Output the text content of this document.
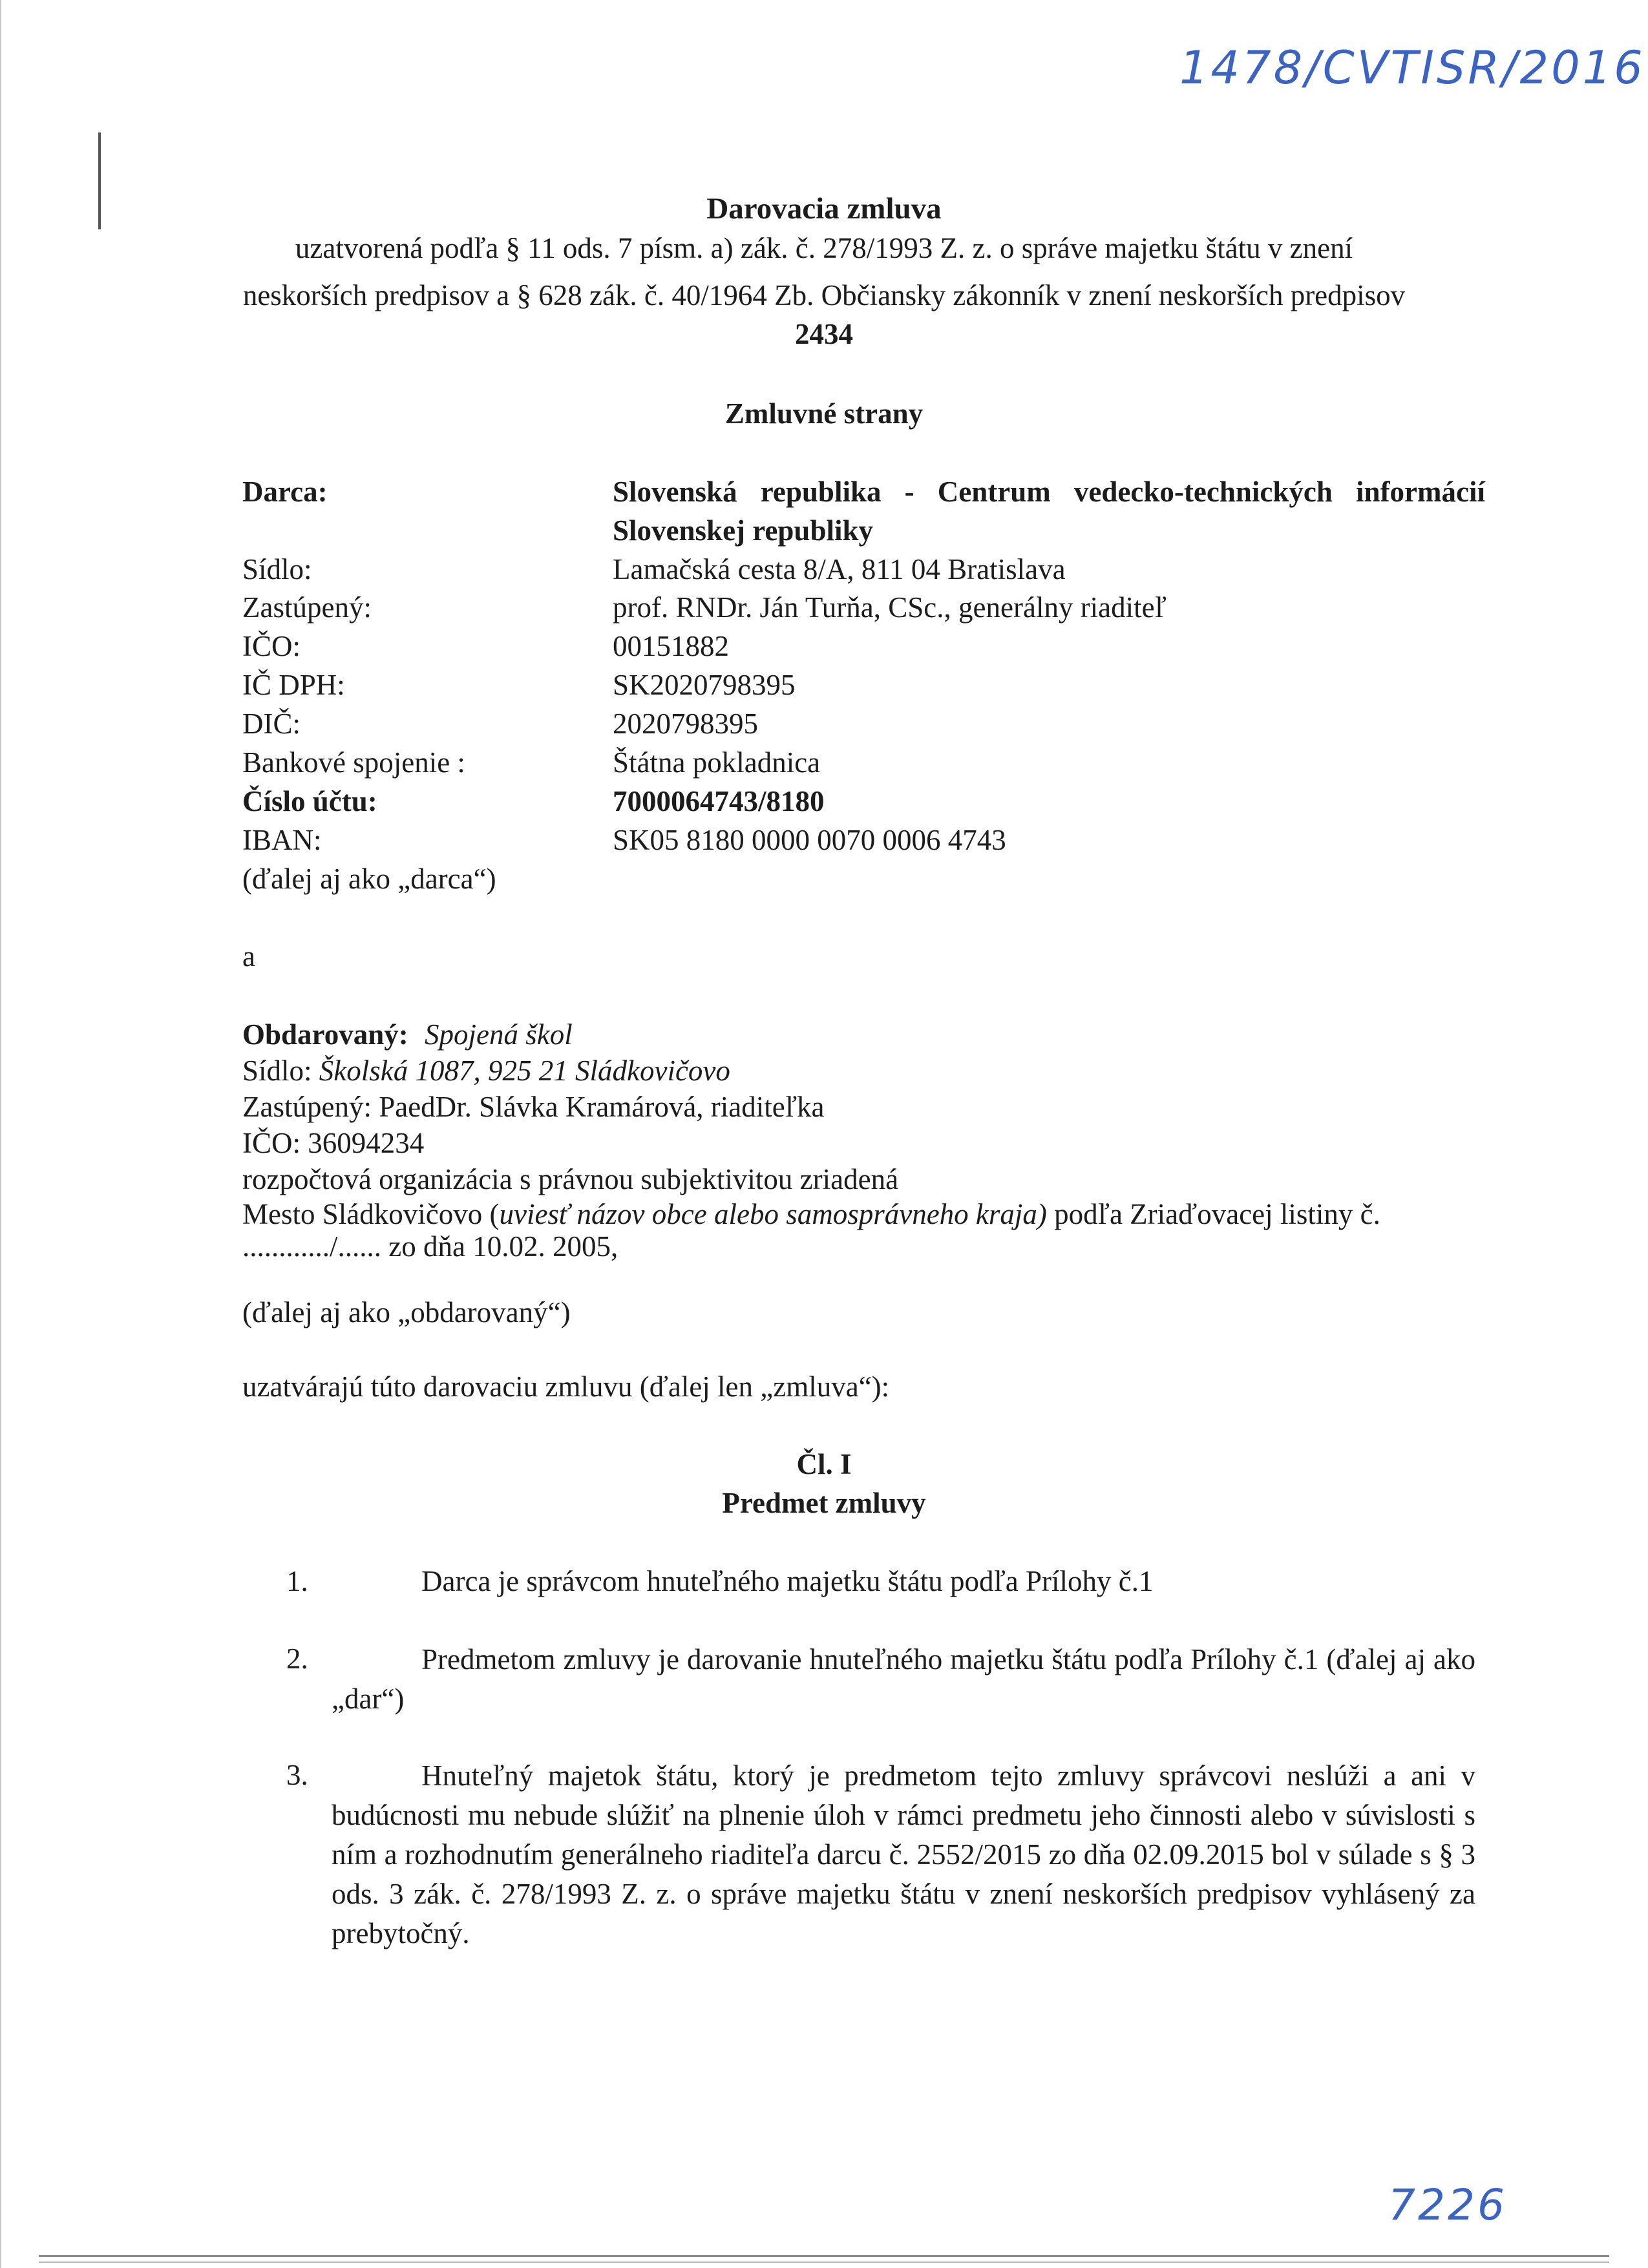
1478/CVTISR/2016
7226
Darovacia zmluva
uzatvorená podľa § 11 ods. 7 písm. a) zák. č. 278/1993 Z. z. o správe majetku štátu v znení
neskorších predpisov a § 628 zák. č. 40/1964 Zb. Občiansky zákonník v znení neskorších predpisov
2434
Zmluvné strany
Darca:	Slovenská republika - Centrum vedecko-technických informácií
Slovenskej republiky
Sídlo:	Lamačská cesta 8/A, 811 04 Bratislava
Zastúpený:	prof. RNDr. Ján Turňa, CSc., generálny riaditeľ
IČO:	00151882
IČ DPH:	SK2020798395
DIČ:	2020798395
Bankové spojenie :	Štátna pokladnica
Číslo účtu:	7000064743/8180
IBAN:	SK05 8180 0000 0070 0006 4743
(ďalej aj ako „darca“)
a
Obdarovaný: Spojená škol
Sídlo: Školská 1087, 925 21 Sládkovičovo
Zastúpený: PaedDr. Slávka Kramárová, riaditeľka
IČO: 36094234
rozpočtová organizácia s právnou subjektivitou zriadená
Mesto Sládkovičovo (uviesť názov obce alebo samosprávneho kraja) podľa Zriaďovacej listiny č.
............/...... zo dňa 10.02. 2005,
(ďalej aj ako „obdarovaný“)
uzatvárajú túto darovaciu zmluvu (ďalej len „zmluva“):
Čl. I
Predmet zmluvy
1.	Darca je správcom hnuteľného majetku štátu podľa Prílohy č.1
2.	Predmetom zmluvy je darovanie hnuteľného majetku štátu podľa Prílohy č.1 (ďalej aj ako „dar“)
3.	Hnuteľný majetok štátu, ktorý je predmetom tejto zmluvy správcovi neslúži a ani v budúcnosti mu nebude slúžiť na plnenie úloh v rámci predmetu jeho činnosti alebo v súvislosti s ním a rozhodnutím generálneho riaditeľa darcu č. 2552/2015 zo dňa 02.09.2015 bol v súlade s § 3 ods. 3 zák. č. 278/1993 Z. z. o správe majetku štátu v znení neskorších predpisov vyhlásený za prebytočný.
